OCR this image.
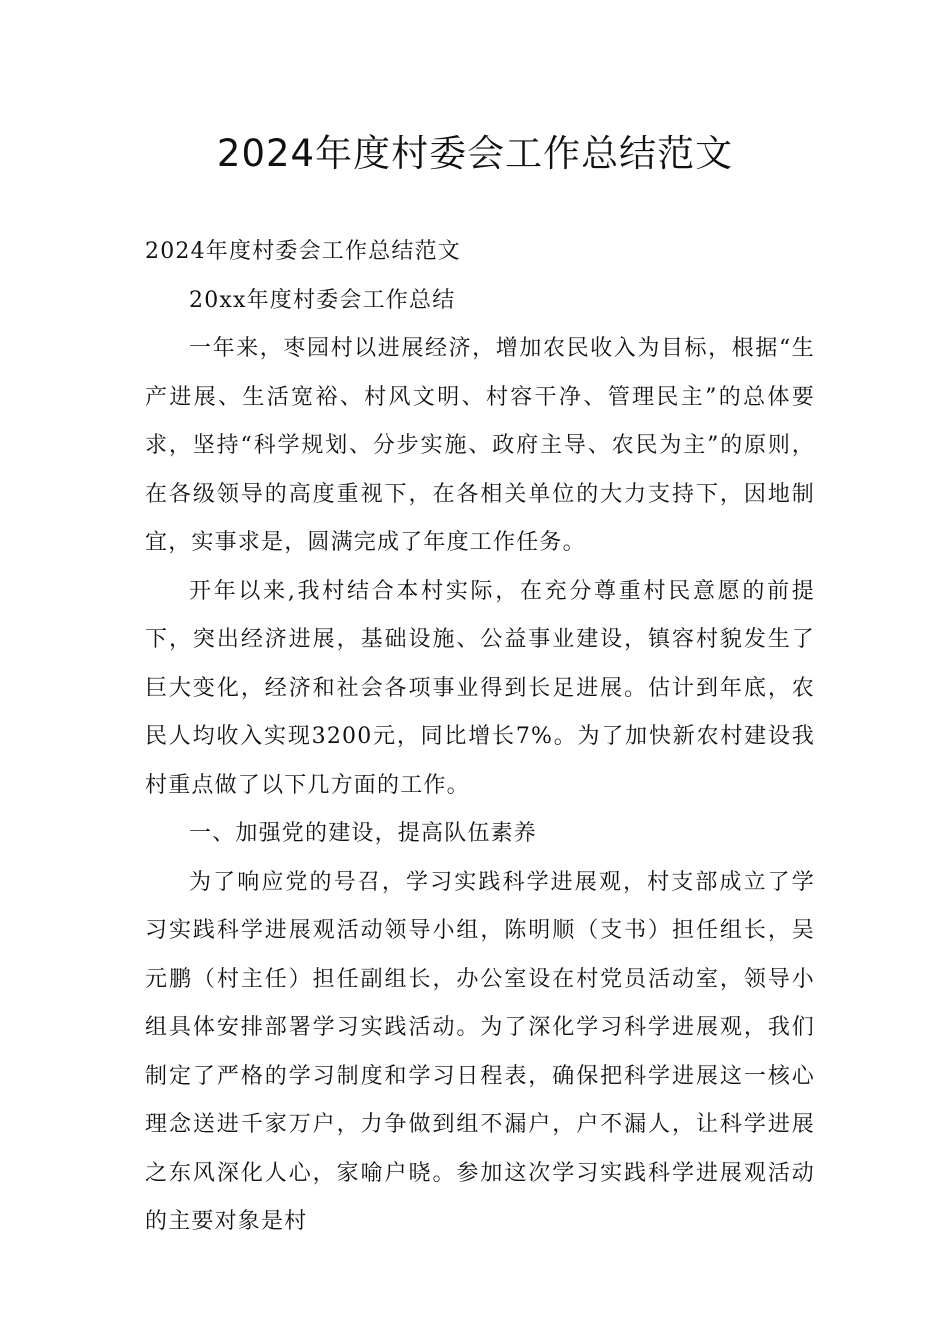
2024年度村委会工作总结范文

2024年度村委会工作总结范文

20xx年度村委会工作总结

一年来，枣园村以进展经济，增加农民收入为目标，根据“生产进展、生活宽裕、村风文明、村容干净、管理民主”的总体要求，坚持“科学规划、分步实施、政府主导、农民为主”的原则，在各级领导的高度重视下，在各相关单位的大力支持下，因地制宜，实事求是，圆满完成了年度工作任务。

开年以来,我村结合本村实际，在充分尊重村民意愿的前提下，突出经济进展，基础设施、公益事业建设，镇容村貌发生了巨大变化，经济和社会各项事业得到长足进展。估计到年底，农民人均收入实现3200元，同比增长7%。为了加快新农村建设我村重点做了以下几方面的工作。

一、加强党的建设，提高队伍素养

为了响应党的号召，学习实践科学进展观，村支部成立了学习实践科学进展观活动领导小组，陈明顺（支书）担任组长，吴元鹏（村主任）担任副组长，办公室设在村党员活动室，领导小组具体安排部署学习实践活动。为了深化学习科学进展观，我们制定了严格的学习制度和学习日程表，确保把科学进展这一核心理念送进千家万户，力争做到组不漏户，户不漏人，让科学进展之东风深化人心，家喻户晓。参加这次学习实践科学进展观活动的主要对象是村
